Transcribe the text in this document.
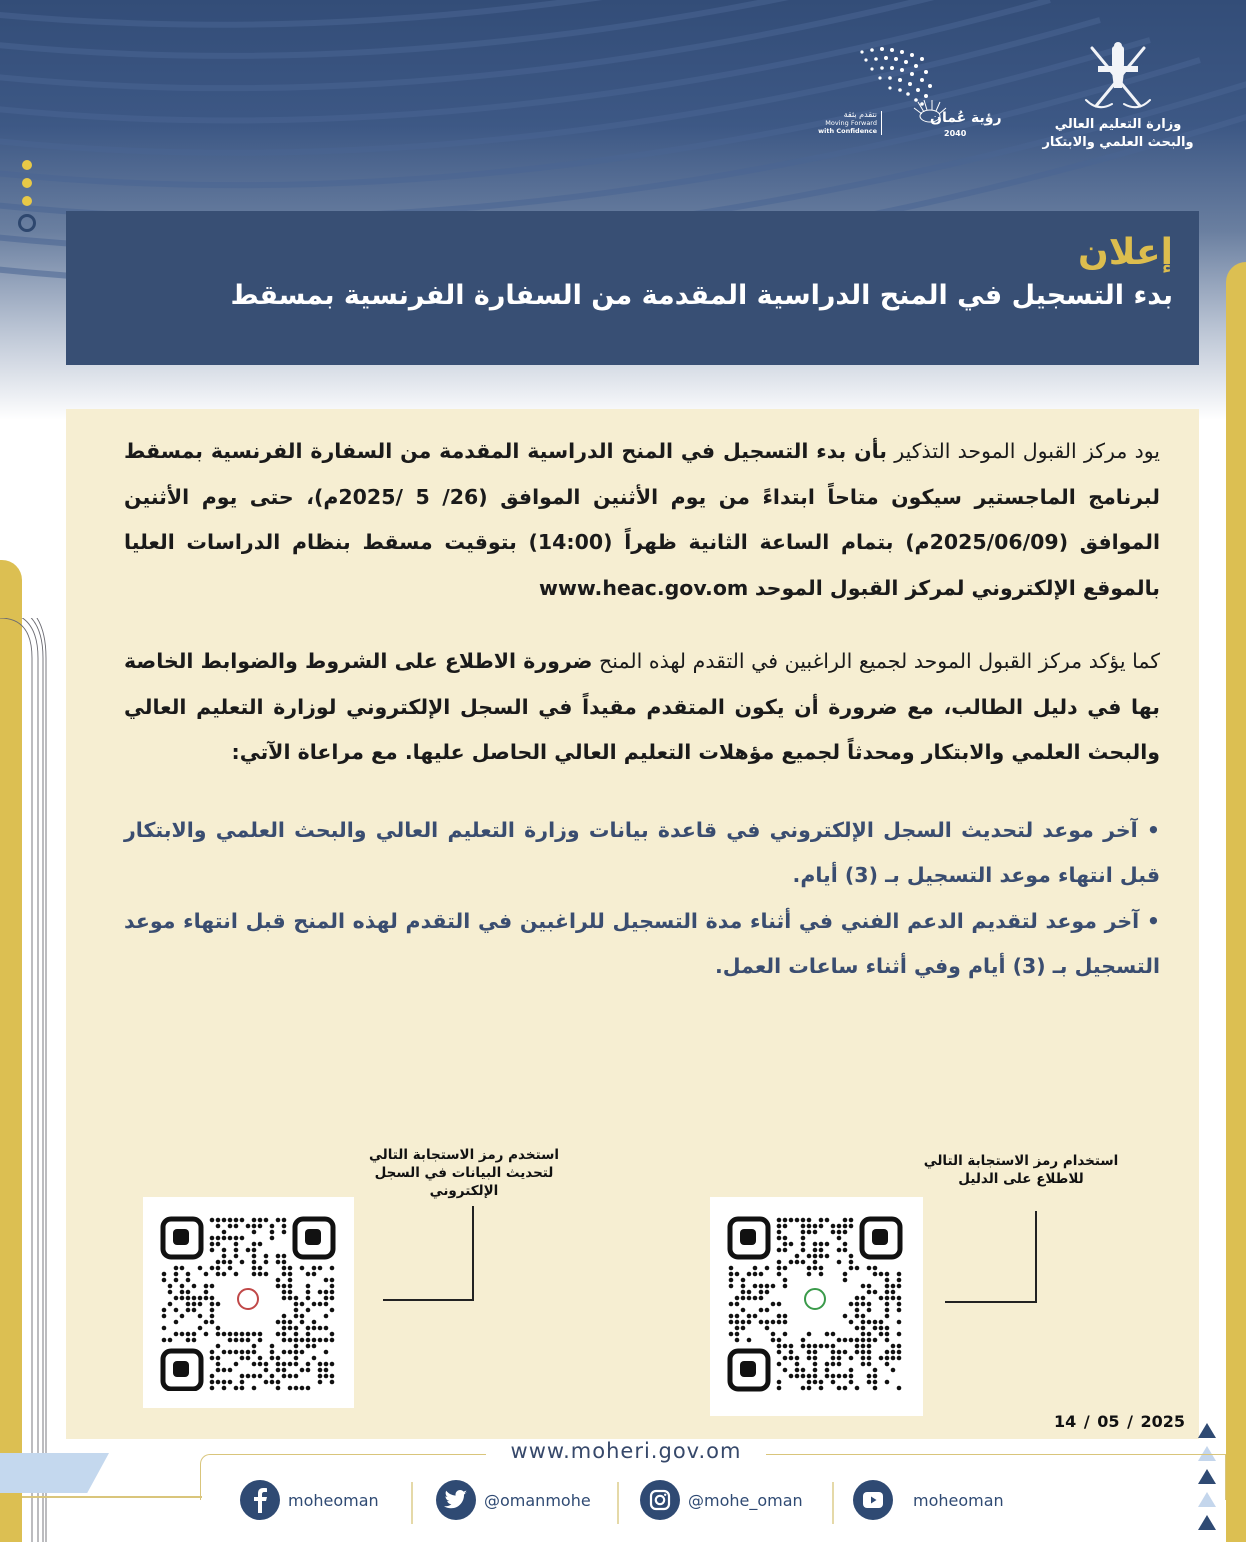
وزارة التعليم العالي
والبحث العلمي والابتكار
رؤية عُمان
2040
نتقدم بثقة
Moving Forward
with Confidence
إعلان
بدء التسجيل في المنح الدراسية المقدمة من السفارة الفرنسية بمسقط

يود مركز القبول الموحد التذكير بأن بدء التسجيل في المنح الدراسية المقدمة من السفارة الفرنسية بمسقط لبرنامج الماجستير سيكون متاحاً ابتداءً من يوم الأثنين الموافق (26/ 5 /2025م)، حتى يوم الأثنين الموافق (2025/06/09م) بتمام الساعة الثانية ظهراً (14:00) بتوقيت مسقط بنظام الدراسات العليا بالموقع الإلكتروني لمركز القبول الموحد www.heac.gov.om

كما يؤكد مركز القبول الموحد لجميع الراغبين في التقدم لهذه المنح ضرورة الاطلاع على الشروط والضوابط الخاصة بها في دليل الطالب، مع ضرورة أن يكون المتقدم مقيداً في السجل الإلكتروني لوزارة التعليم العالي والبحث العلمي والابتكار ومحدثاً لجميع مؤهلات التعليم العالي الحاصل عليها. مع مراعاة الآتي:

• آخر موعد لتحديث السجل الإلكتروني في قاعدة بيانات وزارة التعليم العالي والبحث العلمي والابتكار قبل انتهاء موعد التسجيل بـ (3) أيام.
• آخر موعد لتقديم الدعم الفني في أثناء مدة التسجيل للراغبين في التقدم لهذه المنح قبل انتهاء موعد التسجيل بـ (3) أيام وفي أثناء ساعات العمل.
استخدم رمز الاستجابة التالي لتحديث البيانات في السجل الإلكتروني
استخدام رمز الاستجابة التالي للاطلاع على الدليل
14 / 05 / 2025
www.moheri.gov.om
moheoman	@omanmohe	@mohe_oman	moheoman
